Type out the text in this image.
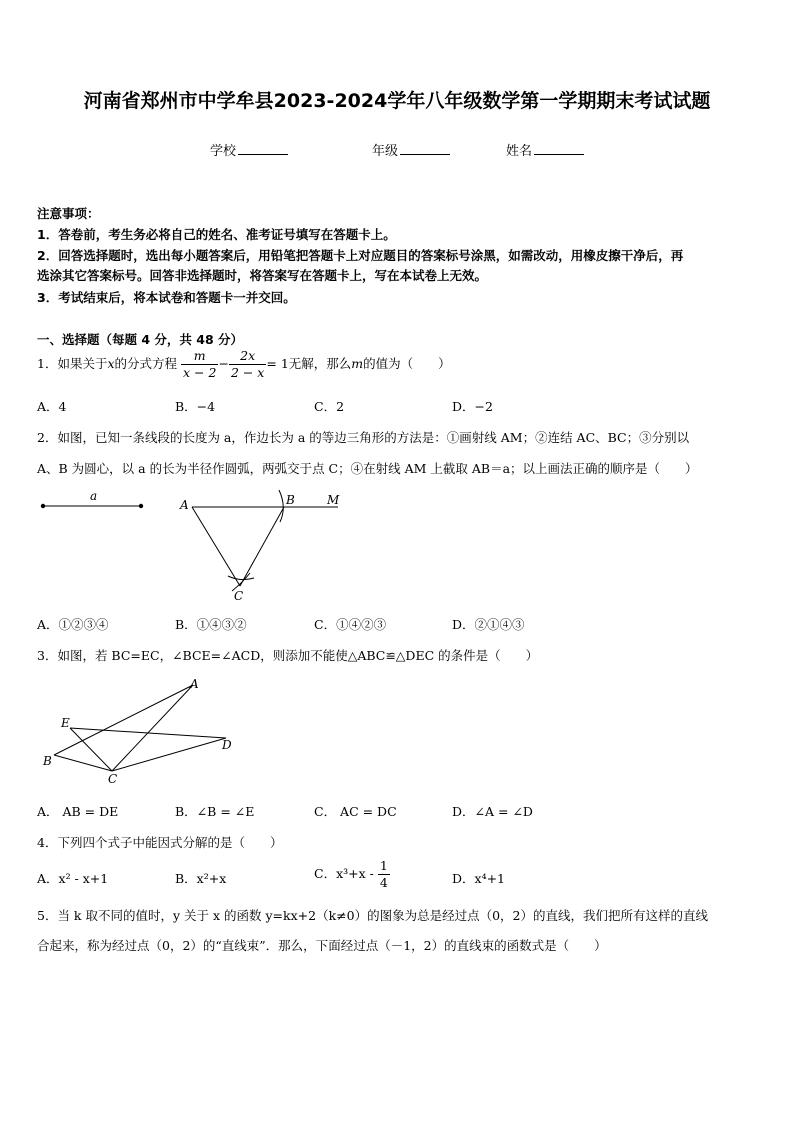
河南省郑州市中学牟县2023-2024学年八年级数学第一学期期末考试试题
学校	年级	姓名
注意事项：
1．答卷前，考生务必将自己的姓名、准考证号填写在答题卡上。
2．回答选择题时，选出每小题答案后，用铅笔把答题卡上对应题目的答案标号涂黑，如需改动，用橡皮擦干净后，再
选涂其它答案标号。回答非选择题时，将答案写在答题卡上，写在本试卷上无效。
3．考试结束后，将本试卷和答题卡一并交回。
一、选择题（每题 4 分，共 48 分）
1．如果关于x的分式方程 $\frac{m}{x - 2} - \frac{2x}{2 - x} = 1$无解，那么m的值为（　　）
A．4	B．−4	C．2	D．−2
2．如图，已知一条线段的长度为 a，作边长为 a 的等边三角形的方法是：①画射线 AM；②连结 AC、BC；③分别以
A、B 为圆心，以 a 的长为半径作圆弧，两弧交于点 C；④在射线 AM 上截取 AB＝a；以上画法正确的顺序是（　　）
a
A	B	M
C
A
E
D
B
C
A．①②③④	B．①④③②	C．①④②③	D．②①④③
3．如图，若 BC=EC，∠BCE=∠ACD，则添加不能使△ABC≌△DEC 的条件是（　　）
A． AB = DE	B．∠B = ∠E	C． AC = DC	D．∠A = ∠D
4．下列四个式子中能因式分解的是（　　）
A．x² - x+1	B．x²+x	C．$x^3+x - \frac{1}{4}$	D．x⁴+1
5．当 k 取不同的值时，y 关于 x 的函数 y=kx+2（k≠0）的图象为总是经过点（0，2）的直线，我们把所有这样的直线
合起来，称为经过点（0，2）的“直线束”．那么，下面经过点（－1，2）的直线束的函数式是（　　）
